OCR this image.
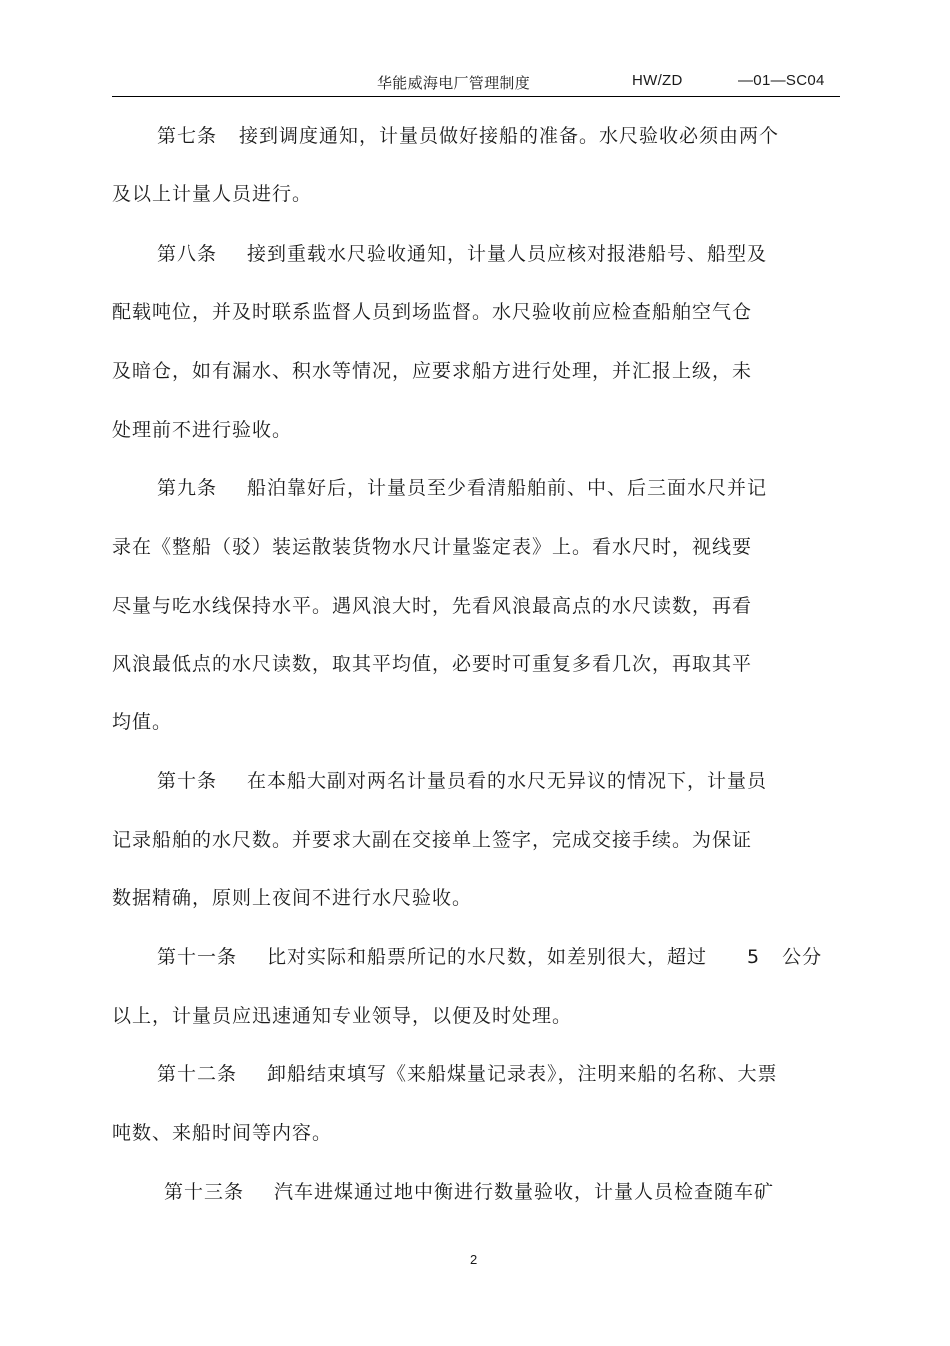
华能威海电厂管理制度	HW/ZD	—01—SC04
第七条 接到调度通知，计量员做好接船的准备。水尺验收必须由两个
及以上计量人员进行。
第八条 接到重载水尺验收通知，计量人员应核对报港船号、船型及
配载吨位，并及时联系监督人员到场监督。水尺验收前应检查船舶空气仓
及暗仓，如有漏水、积水等情况，应要求船方进行处理，并汇报上级，未
处理前不进行验收。
第九条 船泊靠好后，计量员至少看清船舶前、中、后三面水尺并记
录在《整船（驳）装运散装货物水尺计量鉴定表》上。看水尺时，视线要
尽量与吃水线保持水平。遇风浪大时，先看风浪最高点的水尺读数，再看
风浪最低点的水尺读数，取其平均值，必要时可重复多看几次，再取其平
均值。
第十条 在本船大副对两名计量员看的水尺无异议的情况下，计量员
记录船舶的水尺数。并要求大副在交接单上签字，完成交接手续。为保证
数据精确，原则上夜间不进行水尺验收。
第十一条 比对实际和船票所记的水尺数，如差别很大，超过 5 公分
以上，计量员应迅速通知专业领导，以便及时处理。
第十二条 卸船结束填写《来船煤量记录表》，注明来船的名称、大票
吨数、来船时间等内容。
第十三条 汽车进煤通过地中衡进行数量验收，计量人员检查随车矿
2
